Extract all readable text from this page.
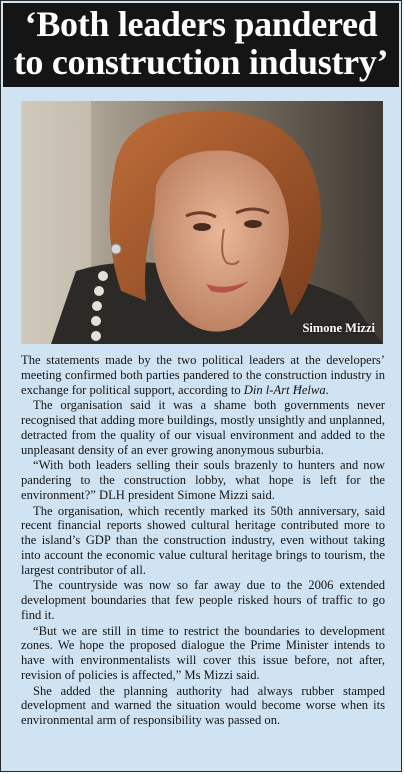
‘Both leaders pandered to construction industry’
Simone Mizzi

The statements made by the two political leaders at the developers’ meeting confirmed both parties pandered to the construction industry in exchange for political support, according to Din l-Art Ħelwa.

The organisation said it was a shame both governments never recognised that adding more buildings, mostly unsightly and unplanned, detracted from the quality of our visual environment and added to the unpleasant density of an ever growing anonymous suburbia.

“With both leaders selling their souls brazenly to hunters and now pandering to the construction lobby, what hope is left for the environment?” DLH president Simone Mizzi said.

The organisation, which recently marked its 50th anniversary, said recent financial reports showed cultural heritage contributed more to the island’s GDP than the construction industry, even without taking into account the economic value cultural heritage brings to tourism, the largest contributor of all.

The countryside was now so far away due to the 2006 extended development boundaries that few people risked hours of traffic to go find it.

“But we are still in time to restrict the boundaries to development zones. We hope the proposed dialogue the Prime Minister intends to have with environmentalists will cover this issue before, not after, revision of policies is affected,” Ms Mizzi said.

She added the planning authority had always rubber stamped development and warned the situation would become worse when its environmental arm of responsibility was passed on.
